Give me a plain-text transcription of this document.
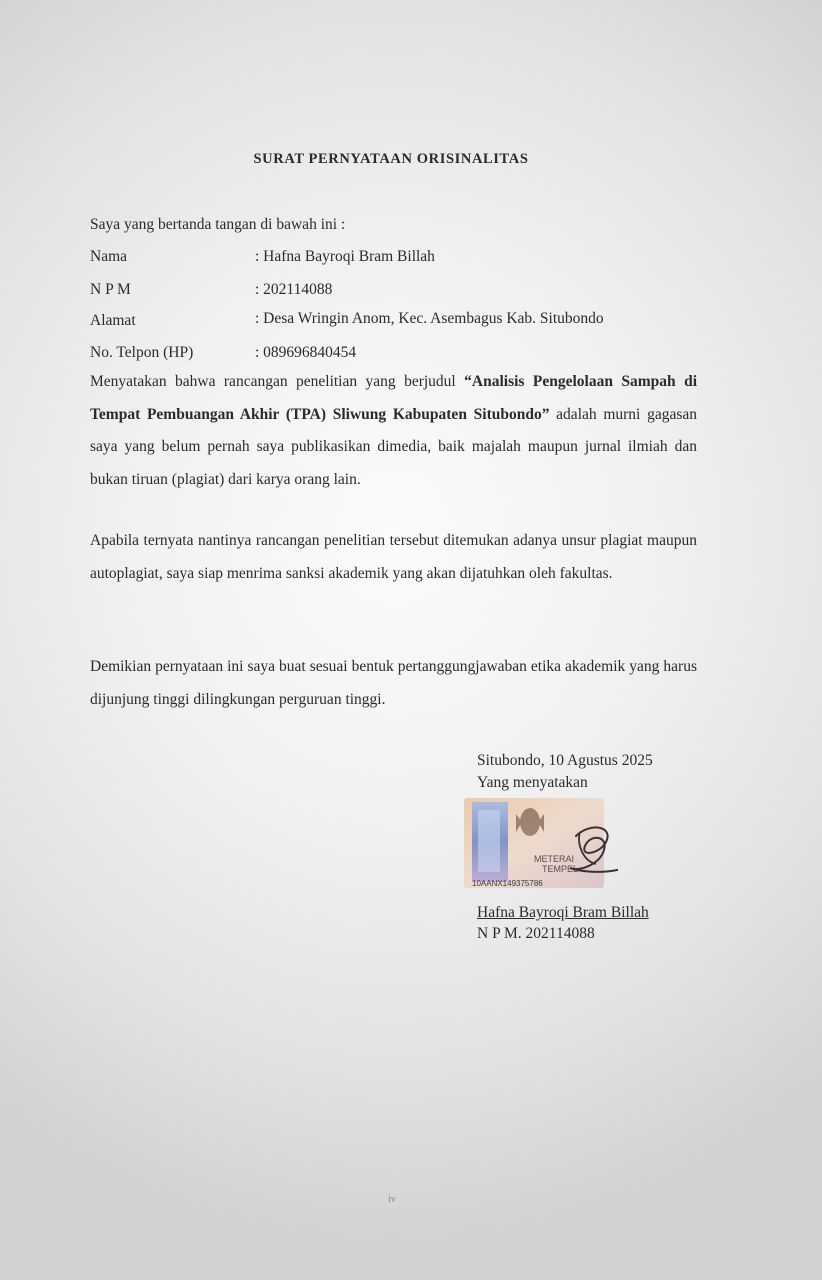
SURAT PERNYATAAN ORISINALITAS
Saya yang bertanda tangan di bawah ini :
Nama	: Hafna Bayroqi Bram Billah
N P M	: 202114088
Alamat	: Desa Wringin Anom, Kec. Asembagus Kab. Situbondo
No. Telpon (HP)	: 089696840454

Menyatakan bahwa rancangan penelitian yang berjudul “Analisis Pengelolaan Sampah di Tempat Pembuangan Akhir (TPA) Sliwung Kabupaten Situbondo” adalah murni gagasan saya yang belum pernah saya publikasikan dimedia, baik majalah maupun jurnal ilmiah dan bukan tiruan (plagiat) dari karya orang lain.

Apabila ternyata nantinya rancangan penelitian tersebut ditemukan adanya unsur plagiat maupun autoplagiat, saya siap menrima sanksi akademik yang akan dijatuhkan oleh fakultas.

Demikian pernyataan ini saya buat sesuai bentuk pertanggungjawaban etika akademik yang harus dijunjung tinggi dilingkungan perguruan tinggi.

Situbondo, 10 Agustus 2025
Yang menyatakan
METERAI
TEMPEL
10AANX149375786
Hafna Bayroqi Bram Billah
N P M. 202114088
iv
